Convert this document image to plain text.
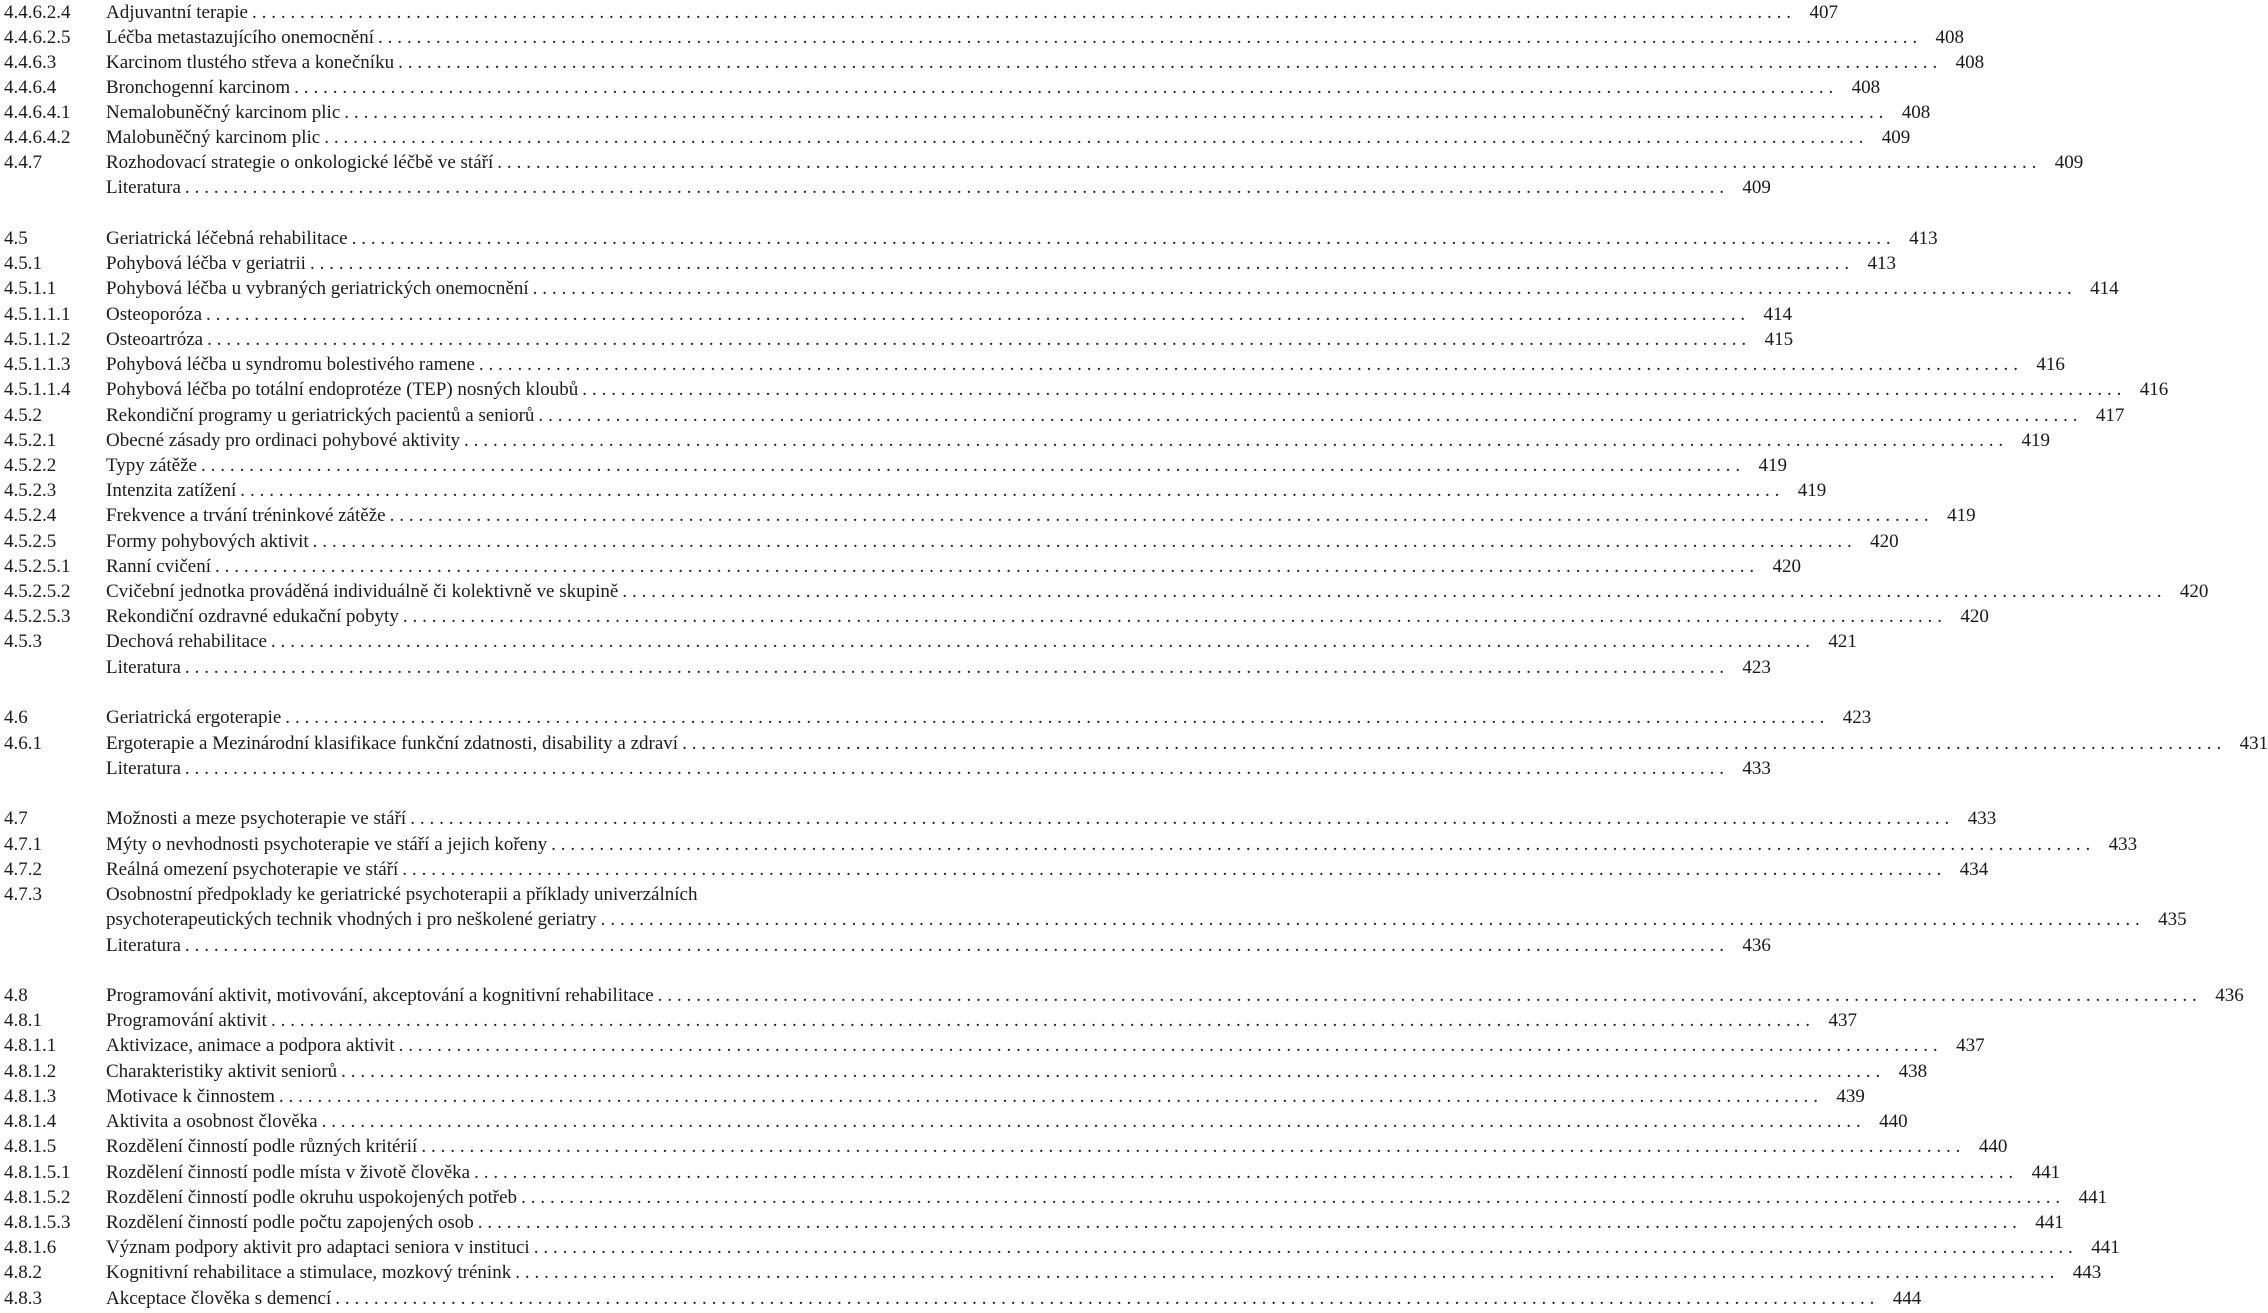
4.4.6.2.4 Adjuvantní terapie ................................................................................................................................................................ 407
4.4.6.2.5 Léčba metastazujícího onemocnění ................................................................................................................................................................ 408
4.4.6.3	Karcinom tlustého střeva a konečníku ................................................................................................................................................................ 408
4.4.6.4	Bronchogenní karcinom ................................................................................................................................................................ 408
4.4.6.4.1 Nemalobuněčný karcinom plic ................................................................................................................................................................ 408
4.4.6.4.2 Malobuněčný karcinom plic ................................................................................................................................................................ 409
4.4.7	Rozhodovací strategie o onkologické léčbě ve stáří ................................................................................................................................................................ 409
Literatura ................................................................................................................................................................ 409
4.5	Geriatrická léčebná rehabilitace ................................................................................................................................................................ 413
4.5.1	Pohybová léčba v geriatrii ................................................................................................................................................................ 413
4.5.1.1	Pohybová léčba u vybraných geriatrických onemocnění ................................................................................................................................................................ 414
4.5.1.1.1 Osteoporóza ................................................................................................................................................................ 414
4.5.1.1.2 Osteoartróza ................................................................................................................................................................ 415
4.5.1.1.3 Pohybová léčba u syndromu bolestivého ramene ................................................................................................................................................................ 416
4.5.1.1.4 Pohybová léčba po totální endoprotéze (TEP) nosných kloubů ................................................................................................................................................................ 416
4.5.2	Rekondiční programy u geriatrických pacientů a seniorů ................................................................................................................................................................ 417
4.5.2.1	Obecné zásady pro ordinaci pohybové aktivity ................................................................................................................................................................ 419
4.5.2.2	Typy zátěže ................................................................................................................................................................ 419
4.5.2.3	Intenzita zatížení ................................................................................................................................................................ 419
4.5.2.4	Frekvence a trvání tréninkové zátěže ................................................................................................................................................................ 419
4.5.2.5	Formy pohybových aktivit ................................................................................................................................................................ 420
4.5.2.5.1 Ranní cvičení ................................................................................................................................................................ 420
4.5.2.5.2 Cvičební jednotka prováděná individuálně či kolektivně ve skupině ................................................................................................................................................................ 420
4.5.2.5.3 Rekondiční ozdravné edukační pobyty ................................................................................................................................................................ 420
4.5.3	Dechová rehabilitace ................................................................................................................................................................ 421
Literatura ................................................................................................................................................................ 423
4.6	Geriatrická ergoterapie ................................................................................................................................................................ 423
4.6.1	Ergoterapie a Mezinárodní klasifikace funkční zdatnosti, disability a zdraví ................................................................................................................................................................ 431
Literatura ................................................................................................................................................................ 433
4.7	Možnosti a meze psychoterapie ve stáří ................................................................................................................................................................ 433
4.7.1	Mýty o nevhodnosti psychoterapie ve stáří a jejich kořeny ................................................................................................................................................................ 433
4.7.2	Reálná omezení psychoterapie ve stáří ................................................................................................................................................................ 434
4.7.3	Osobnostní předpoklady ke geriatrické psychoterapii a příklady univerzálních
psychoterapeutických technik vhodných i pro neškolené geriatry ................................................................................................................................................................ 435
Literatura ................................................................................................................................................................ 436
4.8	Programování aktivit, motivování, akceptování a kognitivní rehabilitace ................................................................................................................................................................ 436
4.8.1	Programování aktivit ................................................................................................................................................................ 437
4.8.1.1	Aktivizace, animace a podpora aktivit ................................................................................................................................................................ 437
4.8.1.2	Charakteristiky aktivit seniorů ................................................................................................................................................................ 438
4.8.1.3	Motivace k činnostem ................................................................................................................................................................ 439
4.8.1.4	Aktivita a osobnost člověka ................................................................................................................................................................ 440
4.8.1.5	Rozdělení činností podle různých kritérií ................................................................................................................................................................ 440
4.8.1.5.1 Rozdělení činností podle místa v životě člověka ................................................................................................................................................................ 441
4.8.1.5.2 Rozdělení činností podle okruhu uspokojených potřeb ................................................................................................................................................................ 441
4.8.1.5.3 Rozdělení činností podle počtu zapojených osob ................................................................................................................................................................ 441
4.8.1.6	Význam podpory aktivit pro adaptaci seniora v instituci ................................................................................................................................................................ 441
4.8.2	Kognitivní rehabilitace a stimulace, mozkový trénink ................................................................................................................................................................ 443
4.8.3	Akceptace člověka s demencí ................................................................................................................................................................ 444
